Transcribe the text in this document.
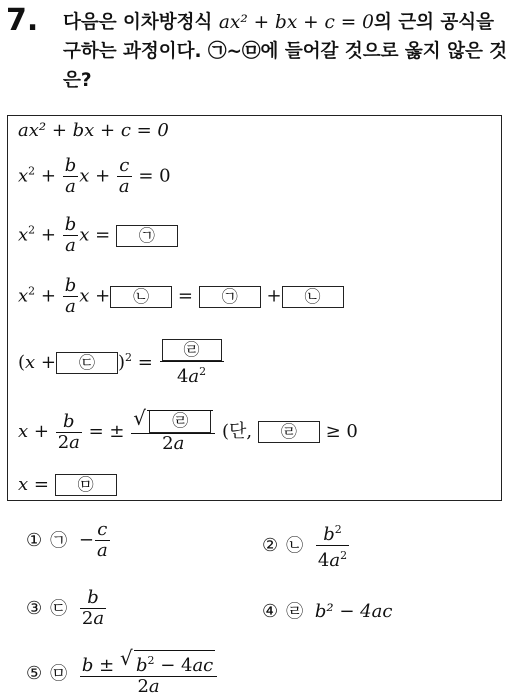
7. 다음은 이차방정식 ax² + bx + c = 0의 근의 공식을 구하는 과정이다. ㉠~㉤에 들어갈 것으로 옳지 않은 것은?
ax² + bx + c = 0
$x^2 + \frac{b}{a}$ $x + \frac{c}{a} = 0$
$x^2 + \frac{b}{a}$ x = ㉠
$x^2 + \frac{b}{a}$ x + ㉡ = ㉠ + ㉡
(x + ㉢ )$^2 = \frac{㉣}{4a^2}$
$x + \frac{b}{2a}$ = ± $\frac{√ ㉣}{2a}$ (단, ㉣ ≥ 0
x = ㉤
① ㉠ − $\frac{c}{a}$	② ㉡ $\frac{b^2}{4a^2}$
③ ㉢ $\frac{b}{2a}$	④ ㉣ b² − 4ac
⑤ ㉤ $\frac{b \pm √ b^2 - 4ac}{2a}$
